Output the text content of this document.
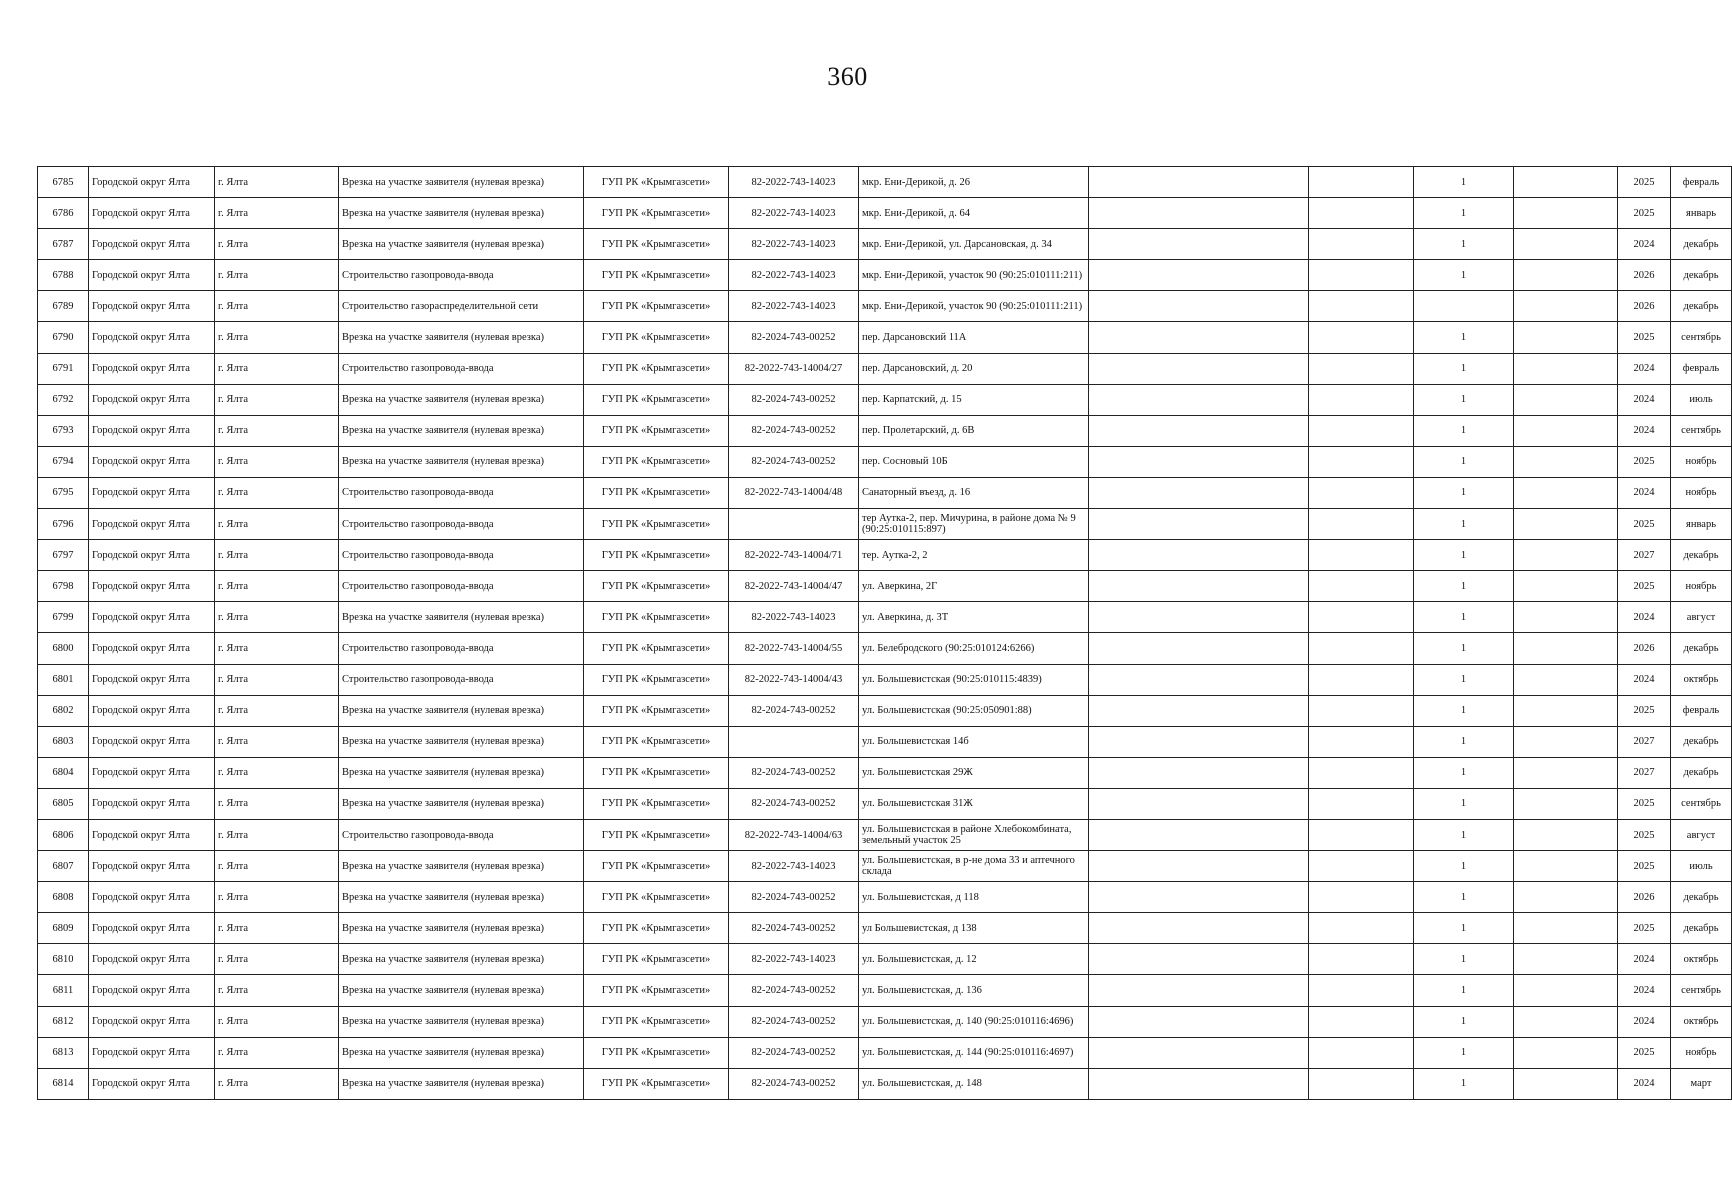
360
6785	Городской округ Ялта	г. Ялта	Врезка на участке заявителя (нулевая врезка)	ГУП РК «Крымгазсети»	82-2022-743-14023	мкр. Ени-Дерикой, д. 26			1		2025	февраль
6786	Городской округ Ялта	г. Ялта	Врезка на участке заявителя (нулевая врезка)	ГУП РК «Крымгазсети»	82-2022-743-14023	мкр. Ени-Дерикой, д. 64			1		2025	январь
6787	Городской округ Ялта	г. Ялта	Врезка на участке заявителя (нулевая врезка)	ГУП РК «Крымгазсети»	82-2022-743-14023	мкр. Ени-Дерикой, ул. Дарсановская, д. 34			1		2024	декабрь
6788	Городской округ Ялта	г. Ялта	Строительство газопровода-ввода	ГУП РК «Крымгазсети»	82-2022-743-14023	мкр. Ени-Дерикой, участок 90 (90:25:010111:211)			1		2026	декабрь
6789	Городской округ Ялта	г. Ялта	Строительство газораспределительной сети	ГУП РК «Крымгазсети»	82-2022-743-14023	мкр. Ени-Дерикой, участок 90 (90:25:010111:211)					2026	декабрь
6790	Городской округ Ялта	г. Ялта	Врезка на участке заявителя (нулевая врезка)	ГУП РК «Крымгазсети»	82-2024-743-00252	пер. Дарсановский 11А			1		2025	сентябрь
6791	Городской округ Ялта	г. Ялта	Строительство газопровода-ввода	ГУП РК «Крымгазсети»	82-2022-743-14004/27	пер. Дарсановский, д. 20			1		2024	февраль
6792	Городской округ Ялта	г. Ялта	Врезка на участке заявителя (нулевая врезка)	ГУП РК «Крымгазсети»	82-2024-743-00252	пер. Карпатский, д. 15			1		2024	июль
6793	Городской округ Ялта	г. Ялта	Врезка на участке заявителя (нулевая врезка)	ГУП РК «Крымгазсети»	82-2024-743-00252	пер. Пролетарский, д. 6В			1		2024	сентябрь
6794	Городской округ Ялта	г. Ялта	Врезка на участке заявителя (нулевая врезка)	ГУП РК «Крымгазсети»	82-2024-743-00252	пер. Сосновый 10Б			1		2025	ноябрь
6795	Городской округ Ялта	г. Ялта	Строительство газопровода-ввода	ГУП РК «Крымгазсети»	82-2022-743-14004/48	Санаторный въезд, д. 16			1		2024	ноябрь
6796	Городской округ Ялта	г. Ялта	Строительство газопровода-ввода	ГУП РК «Крымгазсети»		тер Аутка-2, пер. Мичурина, в районе дома № 9 (90:25:010115:897)			1		2025	январь
6797	Городской округ Ялта	г. Ялта	Строительство газопровода-ввода	ГУП РК «Крымгазсети»	82-2022-743-14004/71	тер. Аутка-2, 2			1		2027	декабрь
6798	Городской округ Ялта	г. Ялта	Строительство газопровода-ввода	ГУП РК «Крымгазсети»	82-2022-743-14004/47	ул. Аверкина, 2Г			1		2025	ноябрь
6799	Городской округ Ялта	г. Ялта	Врезка на участке заявителя (нулевая врезка)	ГУП РК «Крымгазсети»	82-2022-743-14023	ул. Аверкина, д. 3Т			1		2024	август
6800	Городской округ Ялта	г. Ялта	Строительство газопровода-ввода	ГУП РК «Крымгазсети»	82-2022-743-14004/55	ул. Белебродского (90:25:010124:6266)			1		2026	декабрь
6801	Городской округ Ялта	г. Ялта	Строительство газопровода-ввода	ГУП РК «Крымгазсети»	82-2022-743-14004/43	ул. Большевистская (90:25:010115:4839)			1		2024	октябрь
6802	Городской округ Ялта	г. Ялта	Врезка на участке заявителя (нулевая врезка)	ГУП РК «Крымгазсети»	82-2024-743-00252	ул. Большевистская (90:25:050901:88)			1		2025	февраль
6803	Городской округ Ялта	г. Ялта	Врезка на участке заявителя (нулевая врезка)	ГУП РК «Крымгазсети»		ул. Большевистская 14б			1		2027	декабрь
6804	Городской округ Ялта	г. Ялта	Врезка на участке заявителя (нулевая врезка)	ГУП РК «Крымгазсети»	82-2024-743-00252	ул. Большевистская 29Ж			1		2027	декабрь
6805	Городской округ Ялта	г. Ялта	Врезка на участке заявителя (нулевая врезка)	ГУП РК «Крымгазсети»	82-2024-743-00252	ул. Большевистская 31Ж			1		2025	сентябрь
6806	Городской округ Ялта	г. Ялта	Строительство газопровода-ввода	ГУП РК «Крымгазсети»	82-2022-743-14004/63	ул. Большевистская в районе Хлебокомбината, земельный участок 25			1		2025	август
6807	Городской округ Ялта	г. Ялта	Врезка на участке заявителя (нулевая врезка)	ГУП РК «Крымгазсети»	82-2022-743-14023	ул. Большевистская, в р-не дома 33 и аптечного склада			1		2025	июль
6808	Городской округ Ялта	г. Ялта	Врезка на участке заявителя (нулевая врезка)	ГУП РК «Крымгазсети»	82-2024-743-00252	ул. Большевистская, д 118			1		2026	декабрь
6809	Городской округ Ялта	г. Ялта	Врезка на участке заявителя (нулевая врезка)	ГУП РК «Крымгазсети»	82-2024-743-00252	ул Большевистская, д 138			1		2025	декабрь
6810	Городской округ Ялта	г. Ялта	Врезка на участке заявителя (нулевая врезка)	ГУП РК «Крымгазсети»	82-2022-743-14023	ул. Большевистская, д. 12			1		2024	октябрь
6811	Городской округ Ялта	г. Ялта	Врезка на участке заявителя (нулевая врезка)	ГУП РК «Крымгазсети»	82-2024-743-00252	ул. Большевистская, д. 136			1		2024	сентябрь
6812	Городской округ Ялта	г. Ялта	Врезка на участке заявителя (нулевая врезка)	ГУП РК «Крымгазсети»	82-2024-743-00252	ул. Большевистская, д. 140 (90:25:010116:4696)			1		2024	октябрь
6813	Городской округ Ялта	г. Ялта	Врезка на участке заявителя (нулевая врезка)	ГУП РК «Крымгазсети»	82-2024-743-00252	ул. Большевистская, д. 144 (90:25:010116:4697)			1		2025	ноябрь
6814	Городской округ Ялта	г. Ялта	Врезка на участке заявителя (нулевая врезка)	ГУП РК «Крымгазсети»	82-2024-743-00252	ул. Большевистская, д. 148			1		2024	март
